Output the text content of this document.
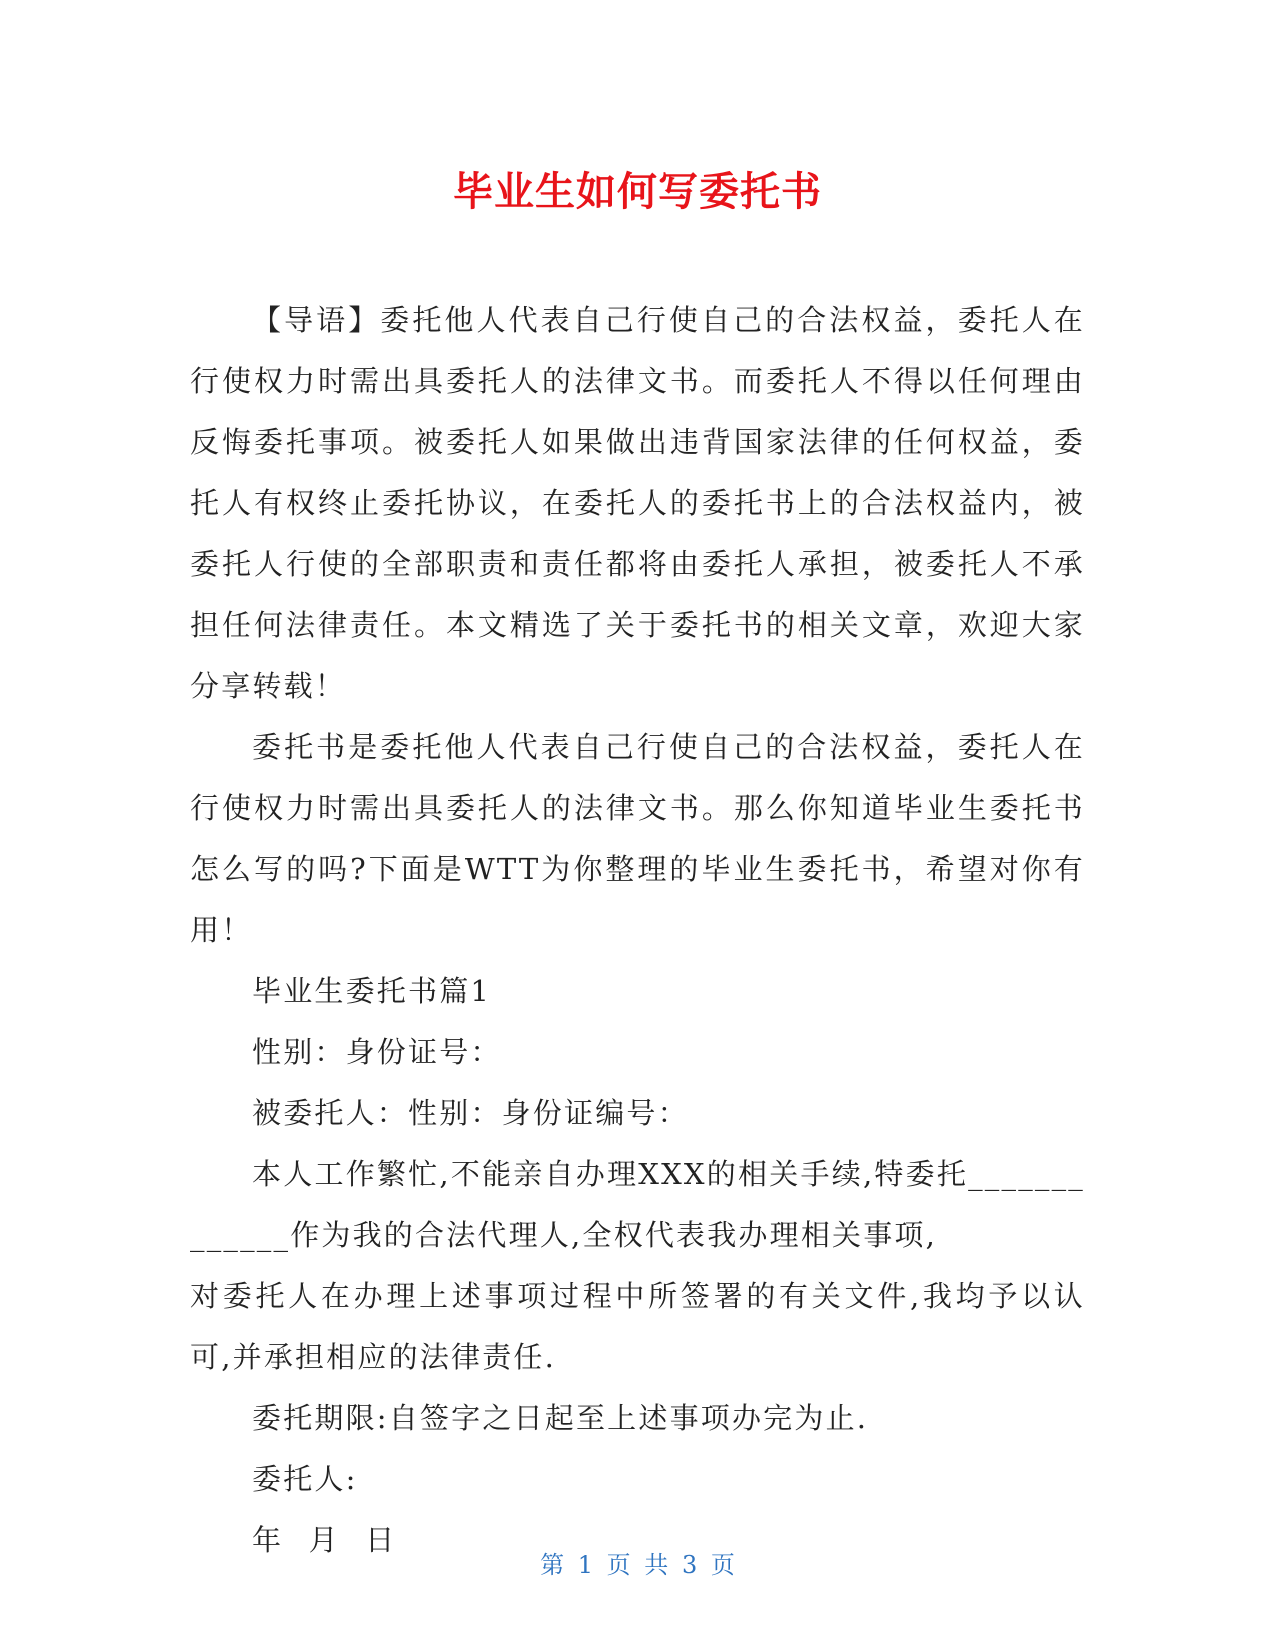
毕业生如何写委托书

【导语】委托他人代表自己行使自己的合法权益，委托人在行使权力时需出具委托人的法律文书。而委托人不得以任何理由反悔委托事项。被委托人如果做出违背国家法律的任何权益，委托人有权终止委托协议，在委托人的委托书上的合法权益内，被委托人行使的全部职责和责任都将由委托人承担，被委托人不承担任何法律责任。本文精选了关于委托书的相关文章，欢迎大家分享转载！

委托书是委托他人代表自己行使自己的合法权益，委托人在行使权力时需出具委托人的法律文书。那么你知道毕业生委托书怎么写的吗?下面是WTT为你整理的毕业生委托书，希望对你有用！

毕业生委托书篇1

性别：身份证号：

被委托人：性别：身份证编号：

本人工作繁忙,不能亲自办理XXX的相关手续,特委托_____________作为我的合法代理人,全权代表我办理相关事项,

对委托人在办理上述事项过程中所签署的有关文件,我均予以认可,并承担相应的法律责任.

委托期限:自签字之日起至上述事项办完为止.

委托人:

年 月 日

第 1 页 共 3 页
